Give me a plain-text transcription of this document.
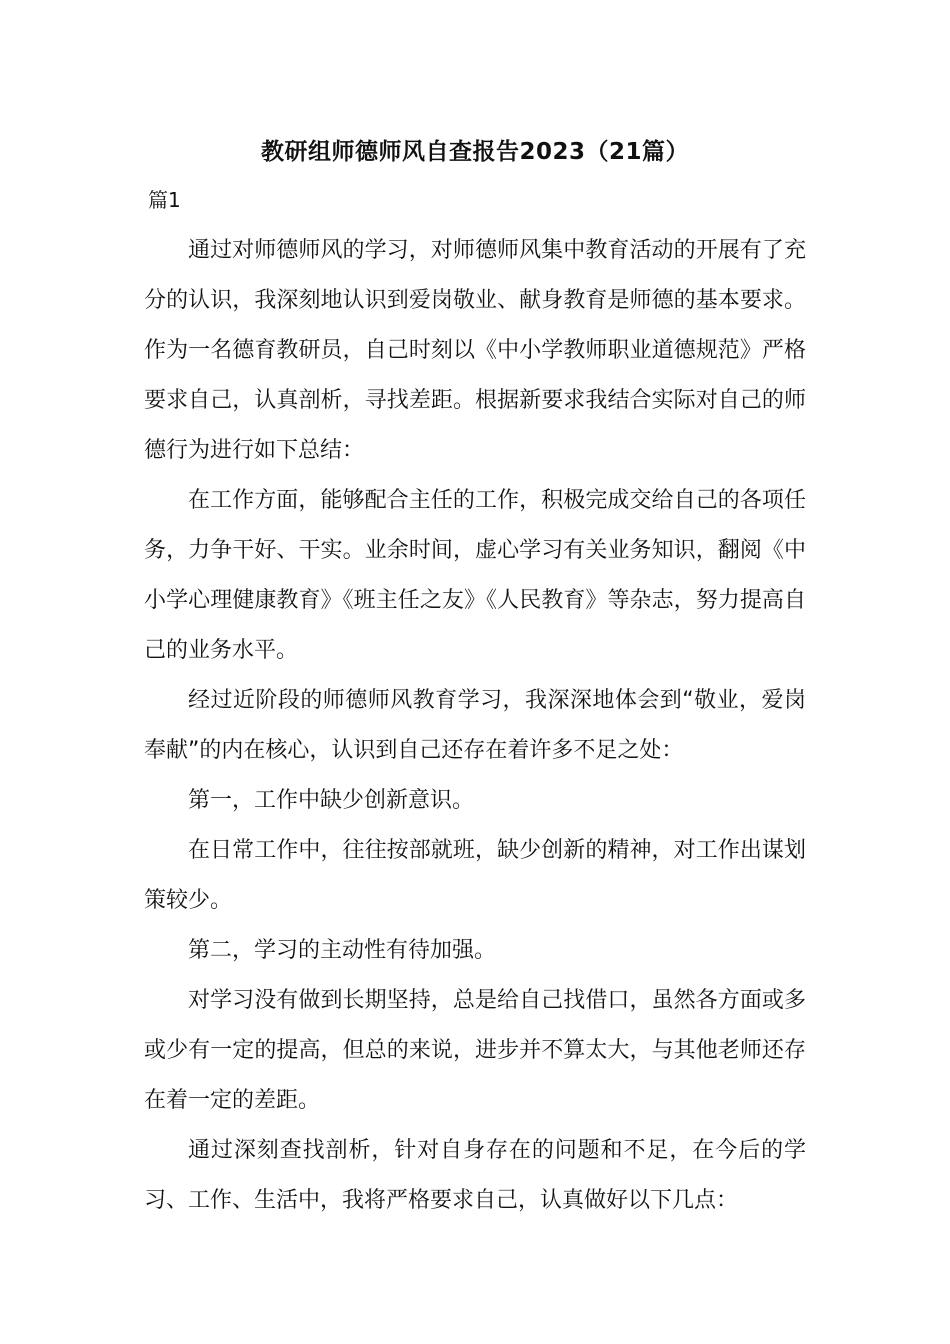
教研组师德师风自查报告2023（21篇）
篇1

通过对师德师风的学习，对师德师风集中教育活动的开展有了充分的认识，我深刻地认识到爱岗敬业、献身教育是师德的基本要求。作为一名德育教研员，自己时刻以《中小学教师职业道德规范》严格要求自己，认真剖析，寻找差距。根据新要求我结合实际对自己的师德行为进行如下总结：

在工作方面，能够配合主任的工作，积极完成交给自己的各项任务，力争干好、干实。业余时间，虚心学习有关业务知识，翻阅《中小学心理健康教育》《班主任之友》《人民教育》等杂志，努力提高自己的业务水平。

经过近阶段的师德师风教育学习，我深深地体会到“敬业，爱岗奉献”的内在核心，认识到自己还存在着许多不足之处：

第一，工作中缺少创新意识。

在日常工作中，往往按部就班，缺少创新的精神，对工作出谋划策较少。

第二，学习的主动性有待加强。

对学习没有做到长期坚持，总是给自己找借口，虽然各方面或多或少有一定的提高，但总的来说，进步并不算太大，与其他老师还存在着一定的差距。

通过深刻查找剖析，针对自身存在的问题和不足，在今后的学习、工作、生活中，我将严格要求自己，认真做好以下几点：
